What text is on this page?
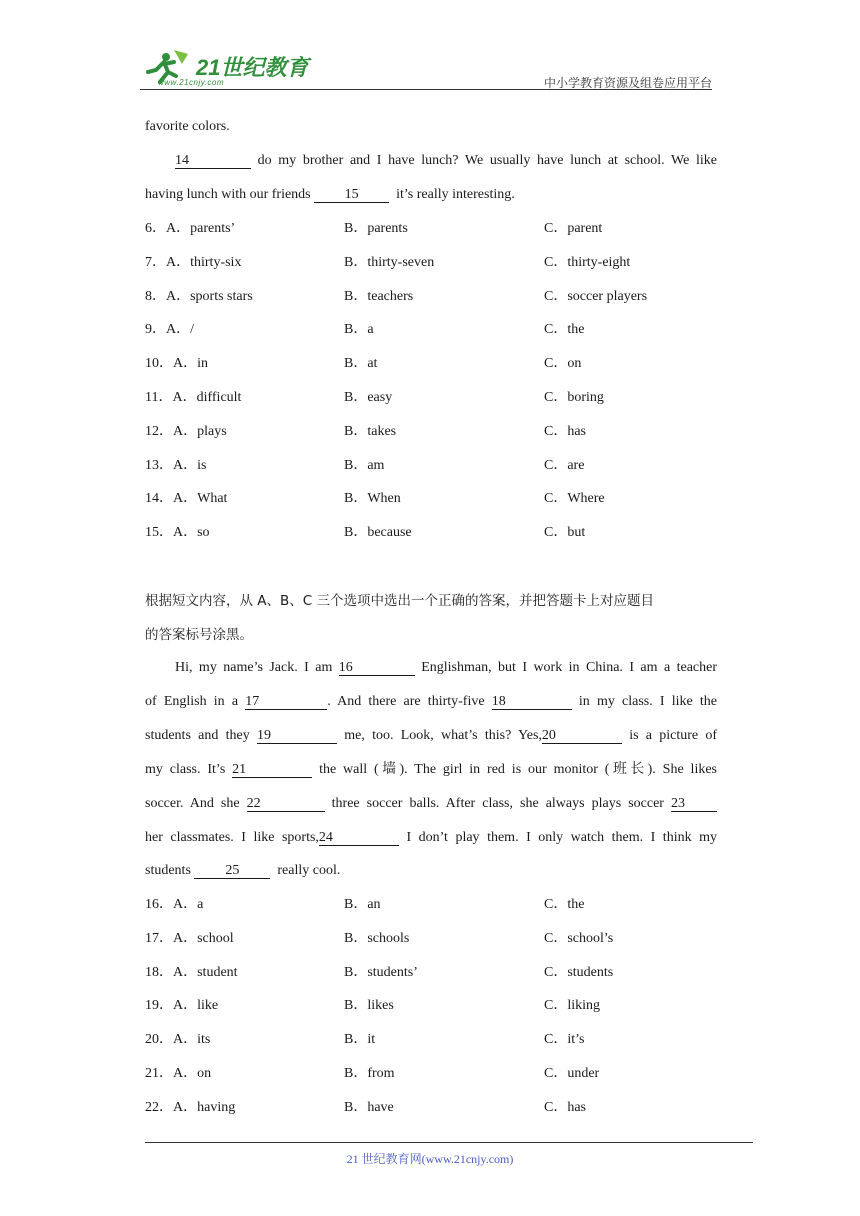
21世纪教育
www.21cnjy.com	中小学教育资源及组卷应用平台
favorite colors.
14	do my brother and I have lunch? We usually have lunch at school. We like
having lunch with our friends 15	it’s really interesting.
6．A．parents’	B．parents	C．parent
7．A．thirty-six	B．thirty-seven	C．thirty-eight
8．A．sports stars	B．teachers	C．soccer players
9．A．/	B．a	C．the
10．A．in	B．at	C．on
11．A．difficult	B．easy	C．boring
12．A．plays	B．takes	C．has
13．A．is	B．am	C．are
14．A．What	B．When	C．Where
15．A．so	B．because	C．but
根据短文内容，从 A、B、C 三个选项中选出一个正确的答案，并把答题卡上对应题目
的答案标号涂黑。
Hi, my name’s Jack. I am 16	Englishman, but I work in China. I am a teacher
of English in a 17	. And there are thirty-five 18	in my class. I like the
students and they 19	me, too. Look, what’s this? Yes,20	is a picture of
my class. It’s 21	the wall (墙). The girl in red is our monitor (班长). She likes
soccer. And she 22	three soccer balls. After class, she always plays soccer 23
her classmates. I like sports,24	I don’t play them. I only watch them. I think my
students 25	really cool.
16．A．a	B．an	C．the
17．A．school	B．schools	C．school’s
18．A．student	B．students’	C．students
19．A．like	B．likes	C．liking
20．A．its	B．it	C．it’s
21．A．on	B．from	C．under
22．A．having	B．have	C．has
21 世纪教育网(www.21cnjy.com)
